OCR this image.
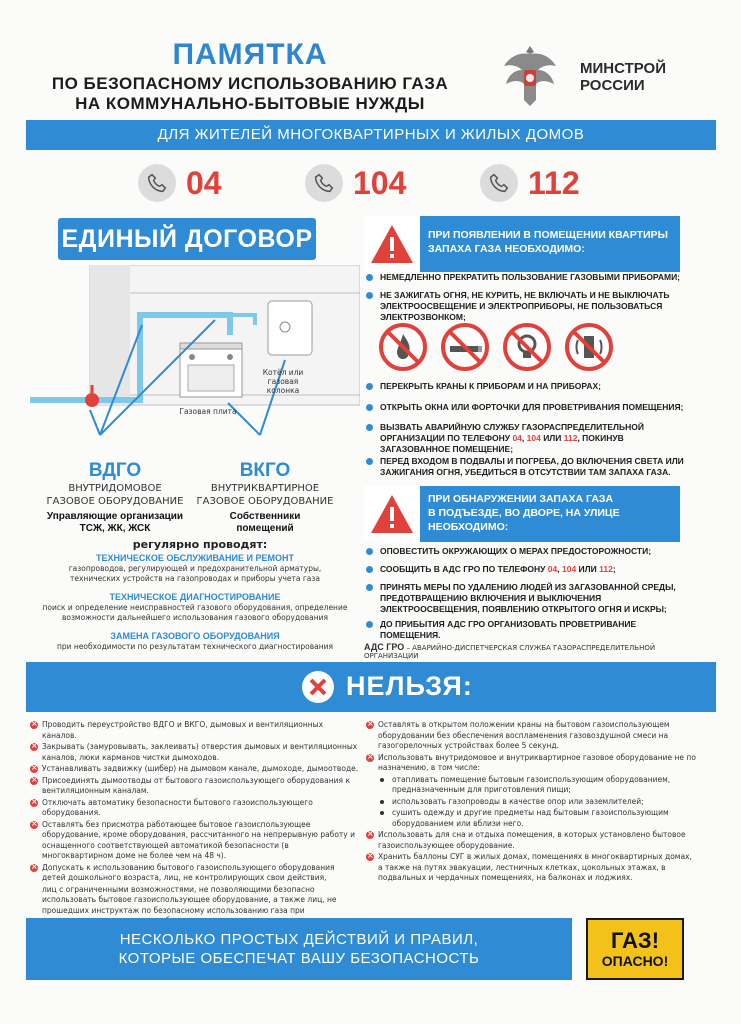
ПАМЯТКА
ПО БЕЗОПАСНОМУ ИСПОЛЬЗОВАНИЮ ГАЗА
НА КОММУНАЛЬНО-БЫТОВЫЕ НУЖДЫ
МИНСТРОЙ
РОССИИ
ДЛЯ ЖИТЕЛЕЙ МНОГОКВАРТИРНЫХ И ЖИЛЫХ ДОМОВ
04	104	112
ЕДИНЫЙ ДОГОВОР
Котёл или газовая колонка
Газовая плита
ВДГО
ВНУТРИДОМОВОЕ
ГАЗОВОЕ ОБОРУДОВАНИЕ
Управляющие организации
ТСЖ, ЖК, ЖСК
ВКГО
ВНУТРИКВАРТИРНОЕ
ГАЗОВОЕ ОБОРУДОВАНИЕ
Собственники
помещений
регулярно проводят:
ТЕХНИЧЕСКОЕ ОБСЛУЖИВАНИЕ И РЕМОНТ
газопроводов, регулирующей и предохранительной арматуры,
технических устройств на газопроводах и приборы учета газа
ТЕХНИЧЕСКОЕ ДИАГНОСТИРОВАНИЕ
поиск и определение неисправностей газового оборудования, определение
возможности дальнейшего использования газового оборудования
ЗАМЕНА ГАЗОВОГО ОБОРУДОВАНИЯ
при необходимости по результатам технического диагностирования
ПРИ ПОЯВЛЕНИИ В ПОМЕЩЕНИИ КВАРТИРЫ
ЗАПАХА ГАЗА НЕОБХОДИМО:
НЕМЕДЛЕННО ПРЕКРАТИТЬ ПОЛЬЗОВАНИЕ ГАЗОВЫМИ ПРИБОРАМИ;
НЕ ЗАЖИГАТЬ ОГНЯ, НЕ КУРИТЬ, НЕ ВКЛЮЧАТЬ И НЕ ВЫКЛЮЧАТЬ ЭЛЕКТРООСВЕЩЕНИЕ И ЭЛЕКТРОПРИБОРЫ, НЕ ПОЛЬЗОВАТЬСЯ ЭЛЕКТРОЗВОНКОМ;
ПЕРЕКРЫТЬ КРАНЫ К ПРИБОРАМ И НА ПРИБОРАХ;
ОТКРЫТЬ ОКНА ИЛИ ФОРТОЧКИ ДЛЯ ПРОВЕТРИВАНИЯ ПОМЕЩЕНИЯ;
ВЫЗВАТЬ АВАРИЙНУЮ СЛУЖБУ ГАЗОРАСПРЕДЕЛИТЕЛЬНОЙ ОРГАНИЗАЦИИ ПО ТЕЛЕФОНУ 04, 104 ИЛИ 112, ПОКИНУВ ЗАГАЗОВАННОЕ ПОМЕЩЕНИЕ;
ПЕРЕД ВХОДОМ В ПОДВАЛЫ И ПОГРЕБА, ДО ВКЛЮЧЕНИЯ СВЕТА ИЛИ ЗАЖИГАНИЯ ОГНЯ, УБЕДИТЬСЯ В ОТСУТСТВИИ ТАМ ЗАПАХА ГАЗА.
ПРИ ОБНАРУЖЕНИИ ЗАПАХА ГАЗА
В ПОДЪЕЗДЕ, ВО ДВОРЕ, НА УЛИЦЕ
НЕОБХОДИМО:
ОПОВЕСТИТЬ ОКРУЖАЮЩИХ О МЕРАХ ПРЕДОСТОРОЖНОСТИ;
СООБЩИТЬ В АДС ГРО ПО ТЕЛЕФОНУ 04, 104 ИЛИ 112;
ПРИНЯТЬ МЕРЫ ПО УДАЛЕНИЮ ЛЮДЕЙ ИЗ ЗАГАЗОВАННОЙ СРЕДЫ, ПРЕДОТВРАЩЕНИЮ ВКЛЮЧЕНИЯ И ВЫКЛЮЧЕНИЯ ЭЛЕКТРООСВЕЩЕНИЯ, ПОЯВЛЕНИЮ ОТКРЫТОГО ОГНЯ И ИСКРЫ;
ДО ПРИБЫТИЯ АДС ГРО ОРГАНИЗОВАТЬ ПРОВЕТРИВАНИЕ ПОМЕЩЕНИЯ.
АДС ГРО – АВАРИЙНО-ДИСПЕТЧЕРСКАЯ СЛУЖБА ГАЗОРАСПРЕДЕЛИТЕЛЬНОЙ ОРГАНИЗАЦИИ
НЕЛЬЗЯ:
Проводить переустройство ВДГО и ВКГО, дымовых и вентиляционных каналов. ×
Закрывать (замуровывать, заклеивать) отверстия дымовых и вентиляционных каналов, люки карманов чистки дымоходов. ×
Устанавливать задвижку (шибер) на дымовом канале, дымоходе, дымоотводе. ×
Присоединять дымоотводы от бытового газоиспользующего оборудования к вентиляционным каналам. ×
Отключать автоматику безопасности бытового газоиспользующего оборудования. ×
Оставлять без присмотра работающее бытовое газоиспользующее оборудование, кроме оборудования, рассчитанного на непрерывную работу и оснащенного соответствующей автоматикой безопасности (в многоквартирном доме не более чем на 48 ч). ×
Допускать к использованию бытового газоиспользующего оборудования детей дошкольного возраста, лиц, не контролирующих свои действия, ×
лиц с ограниченными возможностями, не позволяющими безопасно использовать бытовое газоиспользующее оборудование, а также лиц, не прошедших инструктаж по безопасному использованию газа при
Оставлять в открытом положении краны на бытовом газоиспользующем оборудовании без обеспечения воспламенения газовоздушной смеси на газогорелочных устройствах более 5 секунд. ×
Использовать внутридомовое и внутриквартирное газовое оборудование не по назначению, в том числе: ×
отапливать помещение бытовым газоиспользующим оборудованием, предназначенным для приготовления пищи;
использовать газопроводы в качестве опор или заземлителей;
сушить одежду и другие предметы над бытовым газоиспользующим оборудованием или вблизи него.
Использовать для сна и отдыха помещения, в которых установлено бытовое газоиспользующее оборудование. ×
Хранить баллоны СУГ в жилых домах, помещениях в многоквартирных домах, а также на путях эвакуации, лестничных клетках, цокольных этажах, в подвальных и чердачных помещениях, на балконах и лоджиях. ×
НЕСКОЛЬКО ПРОСТЫХ ДЕЙСТВИЙ И ПРАВИЛ,
КОТОРЫЕ ОБЕСПЕЧАТ ВАШУ БЕЗОПАСНОСТЬ
ГАЗ!
ОПАСНО!
